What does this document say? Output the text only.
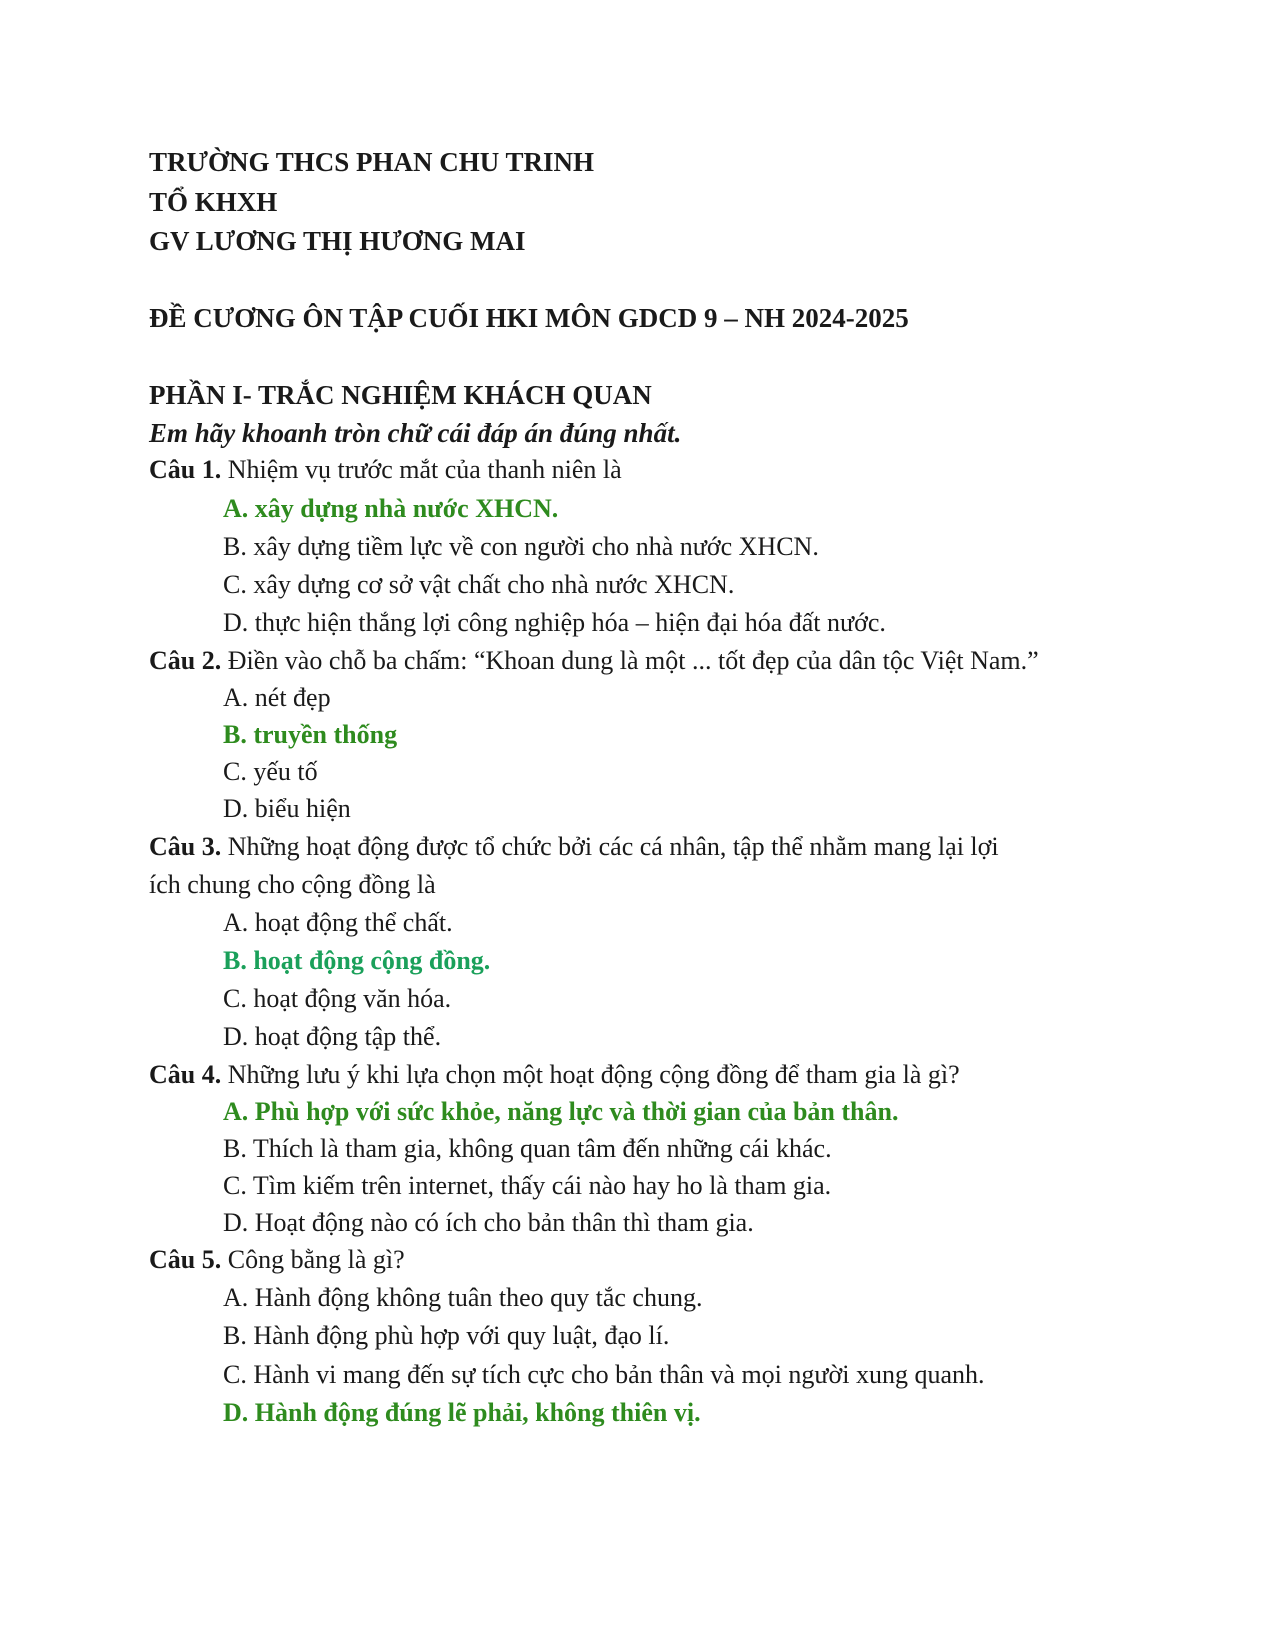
TRƯỜNG THCS PHAN CHU TRINH
TỔ KHXH
GV LƯƠNG THỊ HƯƠNG MAI
ĐỀ CƯƠNG ÔN TẬP CUỐI HKI MÔN GDCD 9 – NH 2024-2025
PHẦN I- TRẮC NGHIỆM KHÁCH QUAN
Em hãy khoanh tròn chữ cái đáp án đúng nhất.
Câu 1. Nhiệm vụ trước mắt của thanh niên là
A. xây dựng nhà nước XHCN.
B. xây dựng tiềm lực về con người cho nhà nước XHCN.
C. xây dựng cơ sở vật chất cho nhà nước XHCN.
D. thực hiện thắng lợi công nghiệp hóa – hiện đại hóa đất nước.
Câu 2. Điền vào chỗ ba chấm: “Khoan dung là một ... tốt đẹp của dân tộc Việt Nam.”
A. nét đẹp
B. truyền thống
C. yếu tố
D. biểu hiện
Câu 3. Những hoạt động được tổ chức bởi các cá nhân, tập thể nhằm mang lại lợi
ích chung cho cộng đồng là
A. hoạt động thể chất.
B. hoạt động cộng đồng.
C. hoạt động văn hóa.
D. hoạt động tập thể.
Câu 4. Những lưu ý khi lựa chọn một hoạt động cộng đồng để tham gia là gì?
A. Phù hợp với sức khỏe, năng lực và thời gian của bản thân.
B. Thích là tham gia, không quan tâm đến những cái khác.
C. Tìm kiếm trên internet, thấy cái nào hay ho là tham gia.
D. Hoạt động nào có ích cho bản thân thì tham gia.
Câu 5. Công bằng là gì?
A. Hành động không tuân theo quy tắc chung.
B. Hành động phù hợp với quy luật, đạo lí.
C. Hành vi mang đến sự tích cực cho bản thân và mọi người xung quanh.
D. Hành động đúng lẽ phải, không thiên vị.
